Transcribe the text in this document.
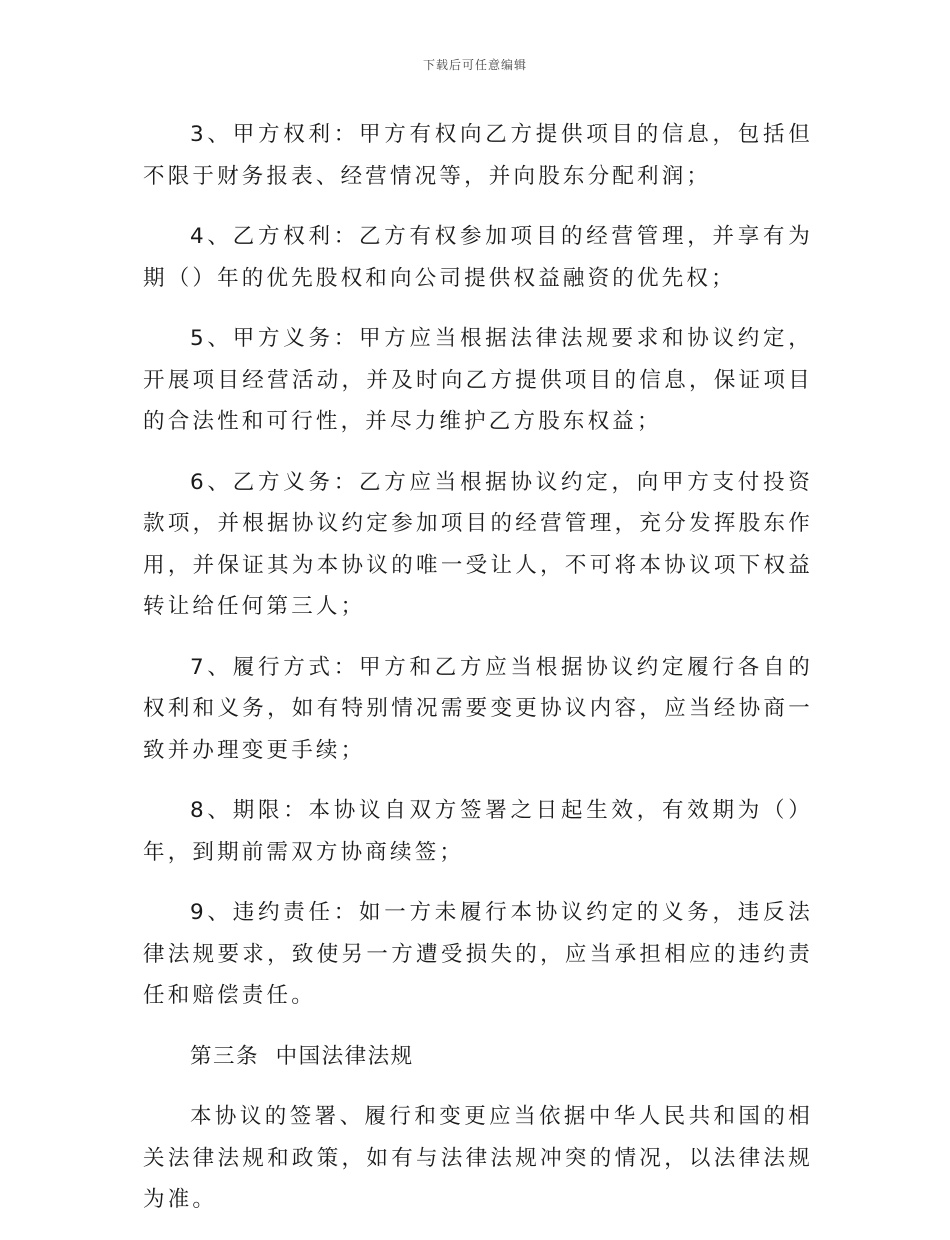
下载后可任意编辑

3、甲方权利：甲方有权向乙方提供项目的信息，包括但不限于财务报表、经营情况等，并向股东分配利润；

4、乙方权利：乙方有权参加项目的经营管理，并享有为期（）年的优先股权和向公司提供权益融资的优先权；

5、甲方义务：甲方应当根据法律法规要求和协议约定，开展项目经营活动，并及时向乙方提供项目的信息，保证项目的合法性和可行性，并尽力维护乙方股东权益；

6、乙方义务：乙方应当根据协议约定，向甲方支付投资款项，并根据协议约定参加项目的经营管理，充分发挥股东作用，并保证其为本协议的唯一受让人，不可将本协议项下权益转让给任何第三人；

7、履行方式：甲方和乙方应当根据协议约定履行各自的权利和义务，如有特别情况需要变更协议内容，应当经协商一致并办理变更手续；

8、期限：本协议自双方签署之日起生效，有效期为（）年，到期前需双方协商续签；

9、违约责任：如一方未履行本协议约定的义务，违反法律法规要求，致使另一方遭受损失的，应当承担相应的违约责任和赔偿责任。

第三条  中国法律法规

本协议的签署、履行和变更应当依据中华人民共和国的相关法律法规和政策，如有与法律法规冲突的情况，以法律法规为准。
